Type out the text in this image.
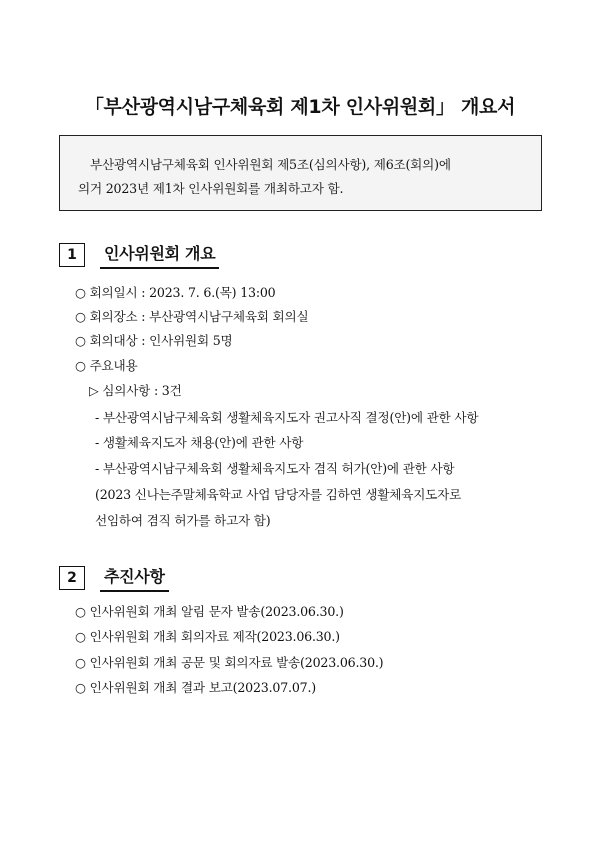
「부산광역시남구체육회 제1차 인사위원회」 개요서

부산광역시남구체육회 인사위원회 제5조(심의사항), 제6조(회의)에

의거 2023년 제1차 인사위원회를 개최하고자 함.

1	인사위원회 개요
○ 회의일시 : 2023. 7. 6.(목) 13:00
○ 회의장소 : 부산광역시남구체육회 회의실
○ 회의대상 : 인사위원회 5명
○ 주요내용
▷ 심의사항 : 3건
- 부산광역시남구체육회 생활체육지도자 권고사직 결정(안)에 관한 사항
- 생활체육지도자 채용(안)에 관한 사항
- 부산광역시남구체육회 생활체육지도자 겸직 허가(안)에 관한 사항
(2023 신나는주말체육학교 사업 담당자를 김하연 생활체육지도자로
선임하여 겸직 허가를 하고자 함)
2	추진사항
○ 인사위원회 개최 알림 문자 발송(2023.06.30.)
○ 인사위원회 개최 회의자료 제작(2023.06.30.)
○ 인사위원회 개최 공문 및 회의자료 발송(2023.06.30.)
○ 인사위원회 개최 결과 보고(2023.07.07.)
